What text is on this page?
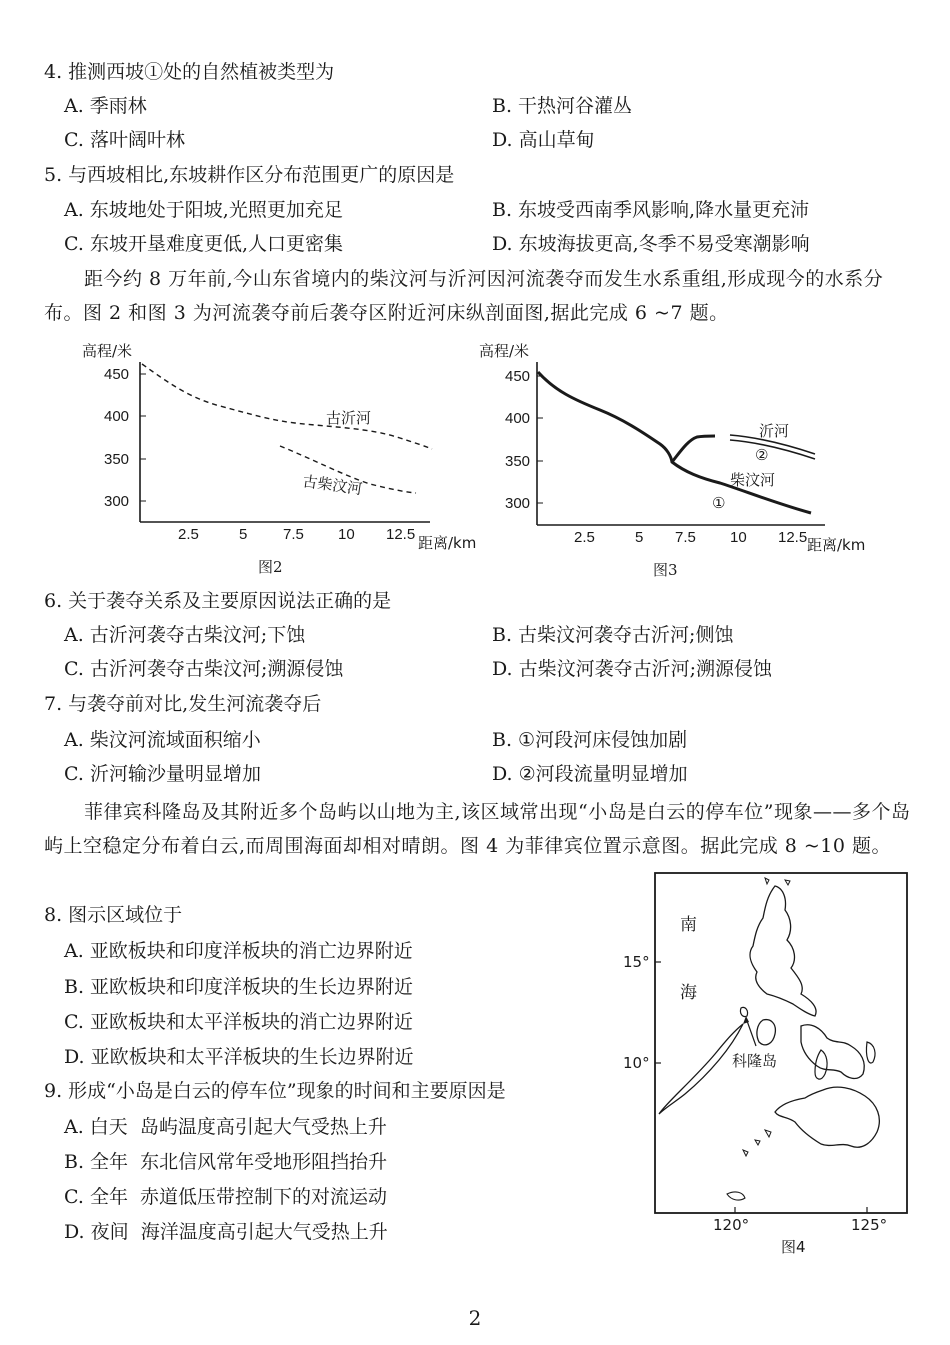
4. 推测西坡①处的自然植被类型为
A. 季雨林	B. 干热河谷灌丛
C. 落叶阔叶林	D. 高山草甸
5. 与西坡相比,东坡耕作区分布范围更广的原因是
A. 东坡地处于阳坡,光照更加充足	B. 东坡受西南季风影响,降水量更充沛
C. 东坡开垦难度更低,人口更密集	D. 东坡海拔更高,冬季不易受寒潮影响
距今约 8 万年前,今山东省境内的柴汶河与沂河因河流袭夺而发生水系重组,形成现今的水系分布。图 2 和图 3 为河流袭夺前后袭夺区附近河床纵剖面图,据此完成 6 ~7 题。
高程/米
450
400
350
300
2.5	5 7.5 10 12.5 距离/km
古沂河
古柴汶河
图2
高程/米
450
400
350
300
2.5	5 7.5 10 12.5 距离/km
沂河
②
柴汶河
①
图3
6. 关于袭夺关系及主要原因说法正确的是
A. 古沂河袭夺古柴汶河;下蚀	B. 古柴汶河袭夺古沂河;侧蚀
C. 古沂河袭夺古柴汶河;溯源侵蚀	D. 古柴汶河袭夺古沂河;溯源侵蚀
7. 与袭夺前对比,发生河流袭夺后
A. 柴汶河流域面积缩小	B. ①河段河床侵蚀加剧
C. 沂河输沙量明显增加	D. ②河段流量明显增加
菲律宾科隆岛及其附近多个岛屿以山地为主,该区域常出现“小岛是白云的停车位”现象——多个岛屿上空稳定分布着白云,而周围海面却相对晴朗。图 4 为菲律宾位置示意图。据此完成 8 ~10 题。
8. 图示区域位于
A. 亚欧板块和印度洋板块的消亡边界附近
B. 亚欧板块和印度洋板块的生长边界附近
C. 亚欧板块和太平洋板块的消亡边界附近
D. 亚欧板块和太平洋板块的生长边界附近
9. 形成“小岛是白云的停车位”现象的时间和主要原因是
A. 白天  岛屿温度高引起大气受热上升
B. 全年  东北信风常年受地形阻挡抬升
C. 全年  赤道低压带控制下的对流运动
D. 夜间  海洋温度高引起大气受热上升
15°
10°
120°	125°
南
海
科隆岛
图4
2
